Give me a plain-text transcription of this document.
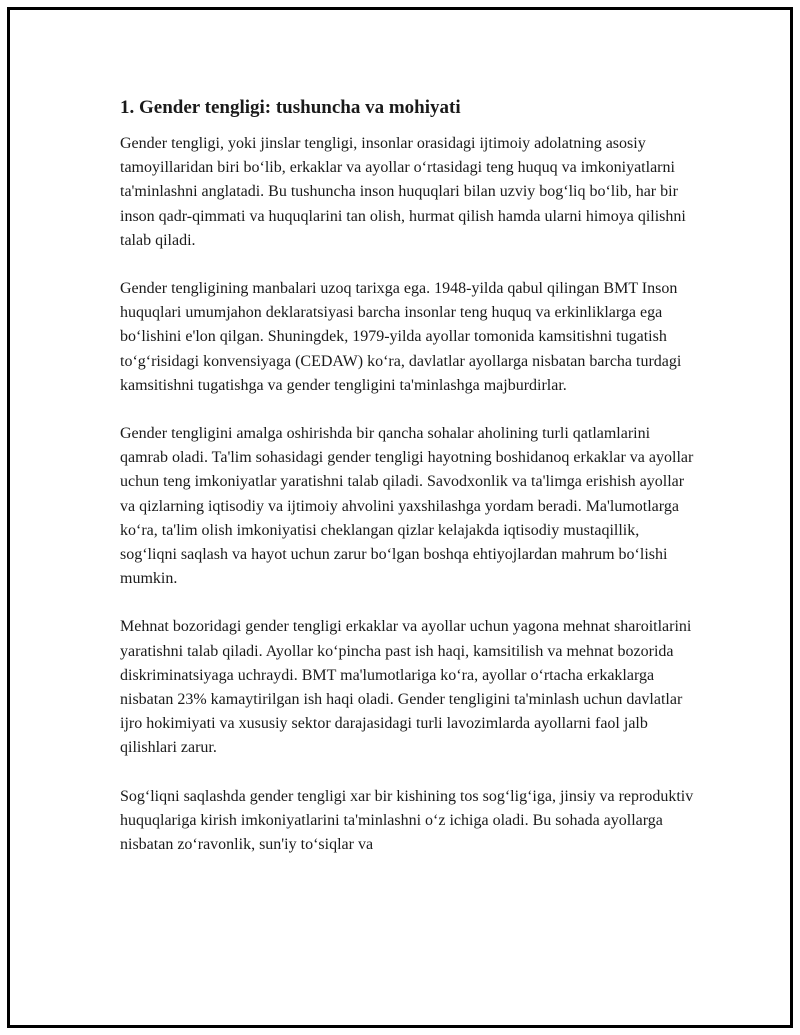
1. Gender tengligi: tushuncha va mohiyati

Gender tengligi, yoki jinslar tengligi, insonlar orasidagi ijtimoiy adolatning asosiy tamoyillaridan biri bo‘lib, erkaklar va ayollar o‘rtasidagi teng huquq va imkoniyatlarni ta'minlashni anglatadi. Bu tushuncha inson huquqlari bilan uzviy bog‘liq bo‘lib, har bir inson qadr-qimmati va huquqlarini tan olish, hurmat qilish hamda ularni himoya qilishni talab qiladi.

Gender tengligining manbalari uzoq tarixga ega. 1948-yilda qabul qilingan BMT Inson huquqlari umumjahon deklaratsiyasi barcha insonlar teng huquq va erkinliklarga ega bo‘lishini e'lon qilgan. Shuningdek, 1979-yilda ayollar tomonida kamsitishni tugatish to‘g‘risidagi konvensiyaga (CEDAW) ko‘ra, davlatlar ayollarga nisbatan barcha turdagi kamsitishni tugatishga va gender tengligini ta'minlashga majburdirlar.

Gender tengligini amalga oshirishda bir qancha sohalar aholining turli qatlamlarini qamrab oladi. Ta'lim sohasidagi gender tengligi hayotning boshidanoq erkaklar va ayollar uchun teng imkoniyatlar yaratishni talab qiladi. Savodxonlik va ta'limga erishish ayollar va qizlarning iqtisodiy va ijtimoiy ahvolini yaxshilashga yordam beradi. Ma'lumotlarga ko‘ra, ta'lim olish imkoniyatisi cheklangan qizlar kelajakda iqtisodiy mustaqillik, sog‘liqni saqlash va hayot uchun zarur bo‘lgan boshqa ehtiyojlardan mahrum bo‘lishi mumkin.

Mehnat bozoridagi gender tengligi erkaklar va ayollar uchun yagona mehnat sharoitlarini yaratishni talab qiladi. Ayollar ko‘pincha past ish haqi, kamsitilish va mehnat bozorida diskriminatsiyaga uchraydi. BMT ma'lumotlariga ko‘ra, ayollar o‘rtacha erkaklarga nisbatan 23% kamaytirilgan ish haqi oladi. Gender tengligini ta'minlash uchun davlatlar ijro hokimiyati va xususiy sektor darajasidagi turli lavozimlarda ayollarni faol jalb qilishlari zarur.

Sog‘liqni saqlashda gender tengligi xar bir kishining tos sog‘lig‘iga, jinsiy va reproduktiv huquqlariga kirish imkoniyatlarini ta'minlashni o‘z ichiga oladi. Bu sohada ayollarga nisbatan zo‘ravonlik, sun'iy to‘siqlar va
